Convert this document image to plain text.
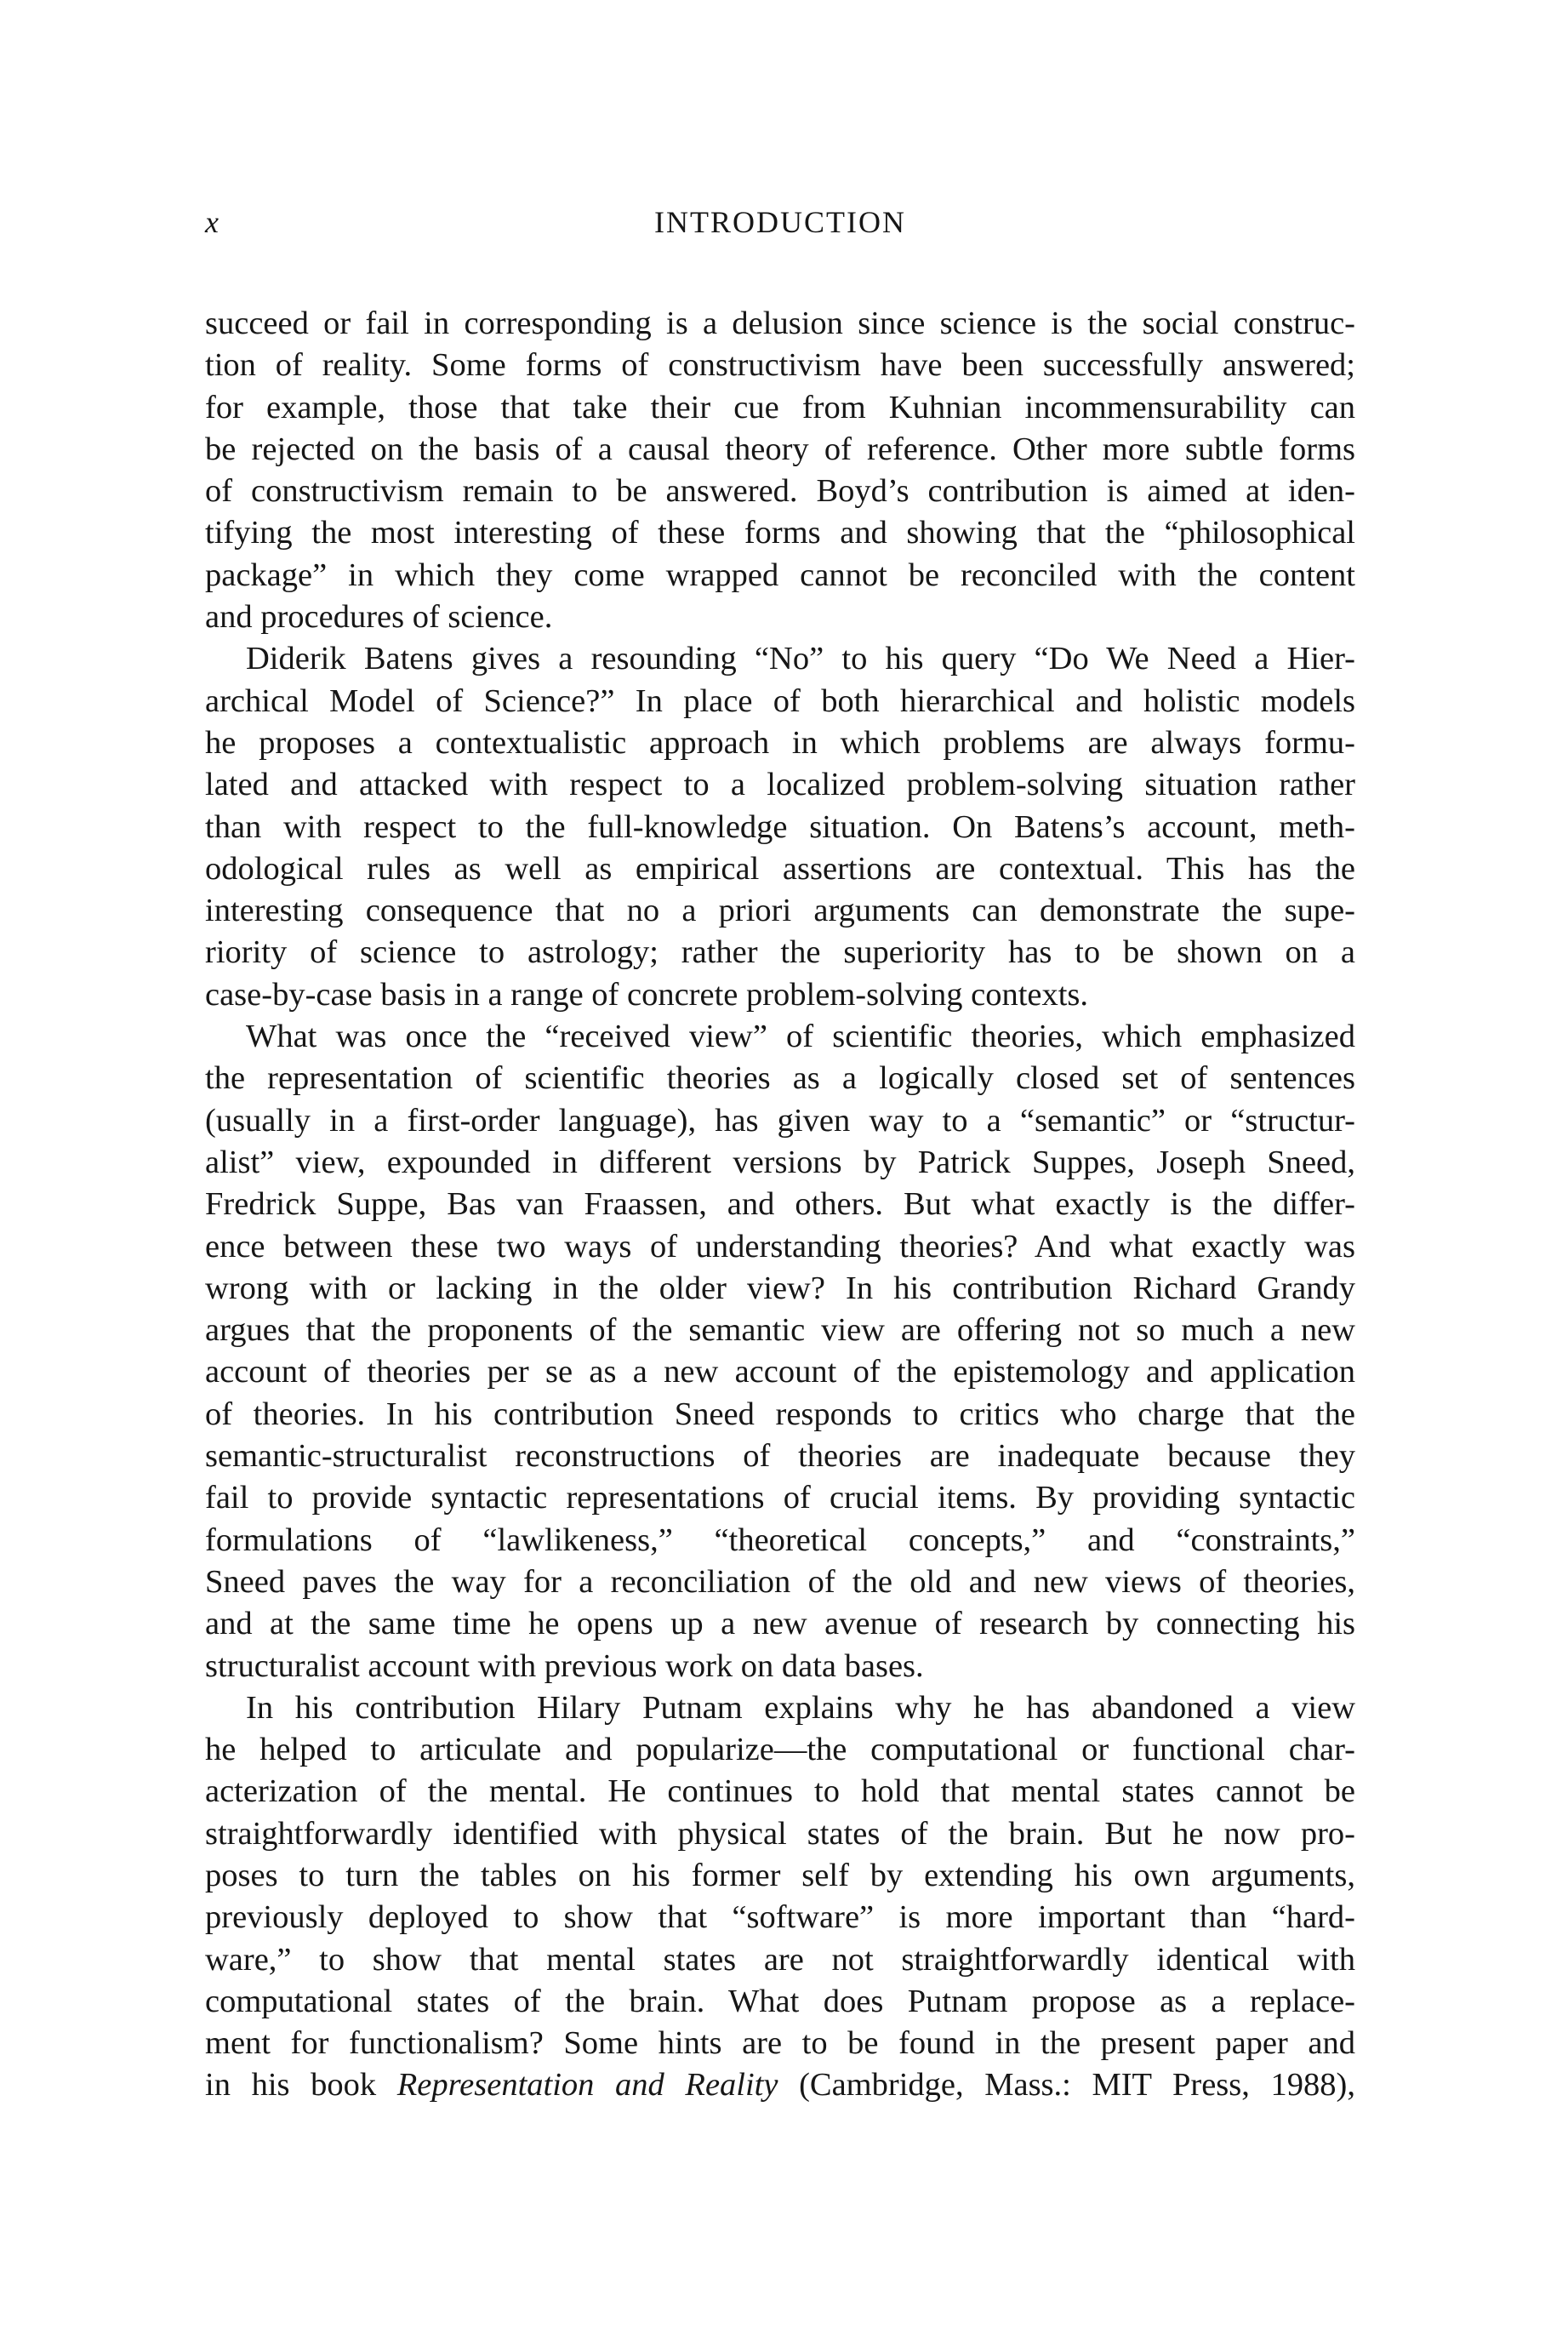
x	INTRODUCTION
succeed or fail in corresponding is a delusion since science is the social construc-
tion of reality. Some forms of constructivism have been successfully answered;
for example, those that take their cue from Kuhnian incommensurability can
be rejected on the basis of a causal theory of reference. Other more subtle forms
of constructivism remain to be answered. Boyd’s contribution is aimed at iden-
tifying the most interesting of these forms and showing that the “philosophical
package” in which they come wrapped cannot be reconciled with the content
and procedures of science.
Diderik Batens gives a resounding “No” to his query “Do We Need a Hier-
archical Model of Science?” In place of both hierarchical and holistic models
he proposes a contextualistic approach in which problems are always formu-
lated and attacked with respect to a localized problem-solving situation rather
than with respect to the full-knowledge situation. On Batens’s account, meth-
odological rules as well as empirical assertions are contextual. This has the
interesting consequence that no a priori arguments can demonstrate the supe-
riority of science to astrology; rather the superiority has to be shown on a
case-by-case basis in a range of concrete problem-solving contexts.
What was once the “received view” of scientific theories, which emphasized
the representation of scientific theories as a logically closed set of sentences
(usually in a first-order language), has given way to a “semantic” or “structur-
alist” view, expounded in different versions by Patrick Suppes, Joseph Sneed,
Fredrick Suppe, Bas van Fraassen, and others. But what exactly is the differ-
ence between these two ways of understanding theories? And what exactly was
wrong with or lacking in the older view? In his contribution Richard Grandy
argues that the proponents of the semantic view are offering not so much a new
account of theories per se as a new account of the epistemology and application
of theories. In his contribution Sneed responds to critics who charge that the
semantic-structuralist reconstructions of theories are inadequate because they
fail to provide syntactic representations of crucial items. By providing syntactic
formulations of “lawlikeness,” “theoretical concepts,” and “constraints,”
Sneed paves the way for a reconciliation of the old and new views of theories,
and at the same time he opens up a new avenue of research by connecting his
structuralist account with previous work on data bases.
In his contribution Hilary Putnam explains why he has abandoned a view
he helped to articulate and popularize—the computational or functional char-
acterization of the mental. He continues to hold that mental states cannot be
straightforwardly identified with physical states of the brain. But he now pro-
poses to turn the tables on his former self by extending his own arguments,
previously deployed to show that “software” is more important than “hard-
ware,” to show that mental states are not straightforwardly identical with
computational states of the brain. What does Putnam propose as a replace-
ment for functionalism? Some hints are to be found in the present paper and
in his book Representation and Reality (Cambridge, Mass.: MIT Press, 1988),
